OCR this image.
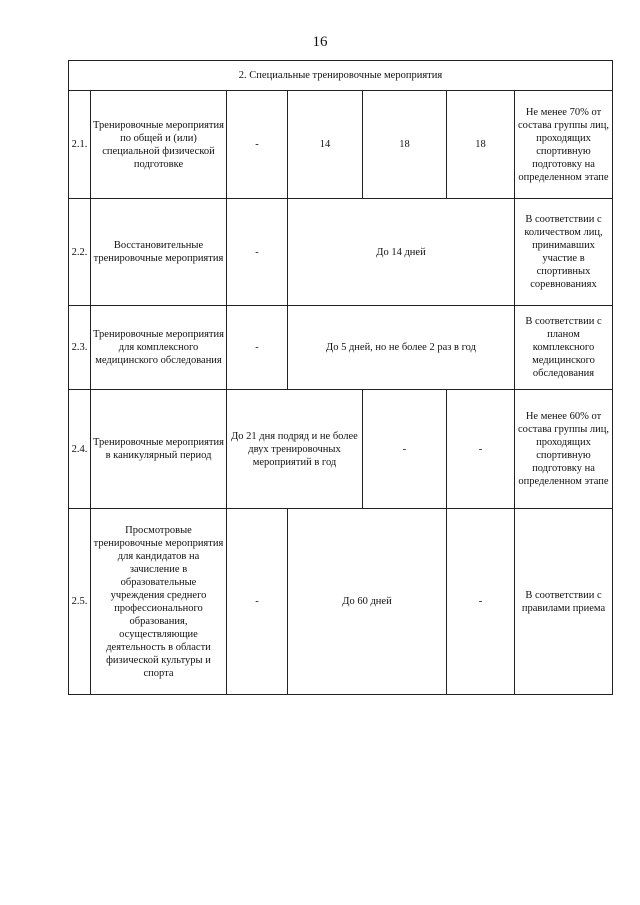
16
2. Специальные тренировочные мероприятия						
2.1.	Тренировочные мероприятия по общей и (или) специальной физической подготовке	-	14	18	18	Не менее 70% от состава группы лиц, проходящих спортивную подготовку на определенном этапе
2.2.	Восстановительные тренировочные мероприятия	-	До 14 дней			В соответствии с количеством лиц, принимавших участие в спортивных соревнованиях
2.3.	Тренировочные мероприятия для комплексного медицинского обследования	-	До 5 дней, но не более 2 раз в год			В соответствии с планом комплексного медицинского обследования
2.4.	Тренировочные мероприятия в каникулярный период	До 21 дня подряд и не более двух тренировочных мероприятий в год		-	-	Не менее 60% от состава группы лиц, проходящих спортивную подготовку на определенном этапе
2.5.	Просмотровые тренировочные мероприятия для кандидатов на зачисление в образовательные учреждения среднего профессионального образования, осуществляющие деятельность в области физической культуры и спорта	-	До 60 дней		-	В соответствии с правилами приема
